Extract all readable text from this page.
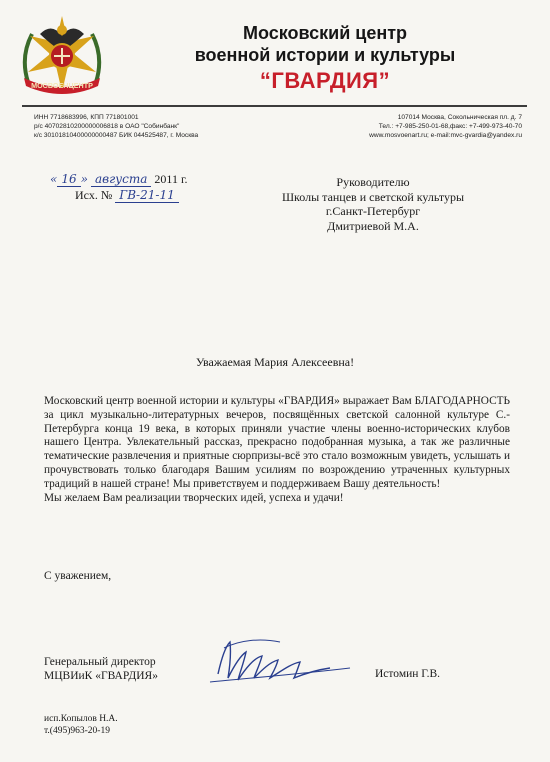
МОСВОЕНЦЕНТР
Московский центр
военной истории и культуры
“ГВАРДИЯ”
ИНН 7718683996, КПП 771801001
р/с 40702810200000006818 в ОАО "Собинбанк"
к/с 30101810400000000487 БИК 044525487, г. Москва
107014 Москва, Сокольническая пл. д. 7
Тел.: +7-985-250-01-68,факс: +7-499-973-40-70
www.mosvoenart.ru; e-mail:mvc-gvardia@yandex.ru
« 16 » августа 2011 г.
Исх. № ГВ-21-11
Руководителю
Школы танцев и светской культуры
г.Санкт-Петербург
Дмитриевой М.А.
Уважаемая Мария Алексеевна!

Московский центр военной истории и культуры «ГВАРДИЯ» выражает Вам БЛАГОДАРНОСТЬ за цикл музыкально-литературных вечеров, посвящённых светской салонной культуре С.-Петербурга конца 19 века, в которых приняли участие члены военно-исторических клубов нашего Центра. Увлекательный рассказ, прекрасно подобранная музыка, а так же различные тематические развлечения и приятные сюрпризы-всё это стало возможным увидеть, услышать и прочувствовать только благодаря Вашим усилиям по возрождению утраченных культурных традиций в нашей стране! Мы приветствуем и поддерживаем Вашу деятельность!

Мы желаем Вам реализации творческих идей, успеха и удачи!

С уважением,
Генеральный директор
МЦВИиК «ГВАРДИЯ»	Истомин Г.В.
исп.Копылов Н.А.
т.(495)963-20-19
